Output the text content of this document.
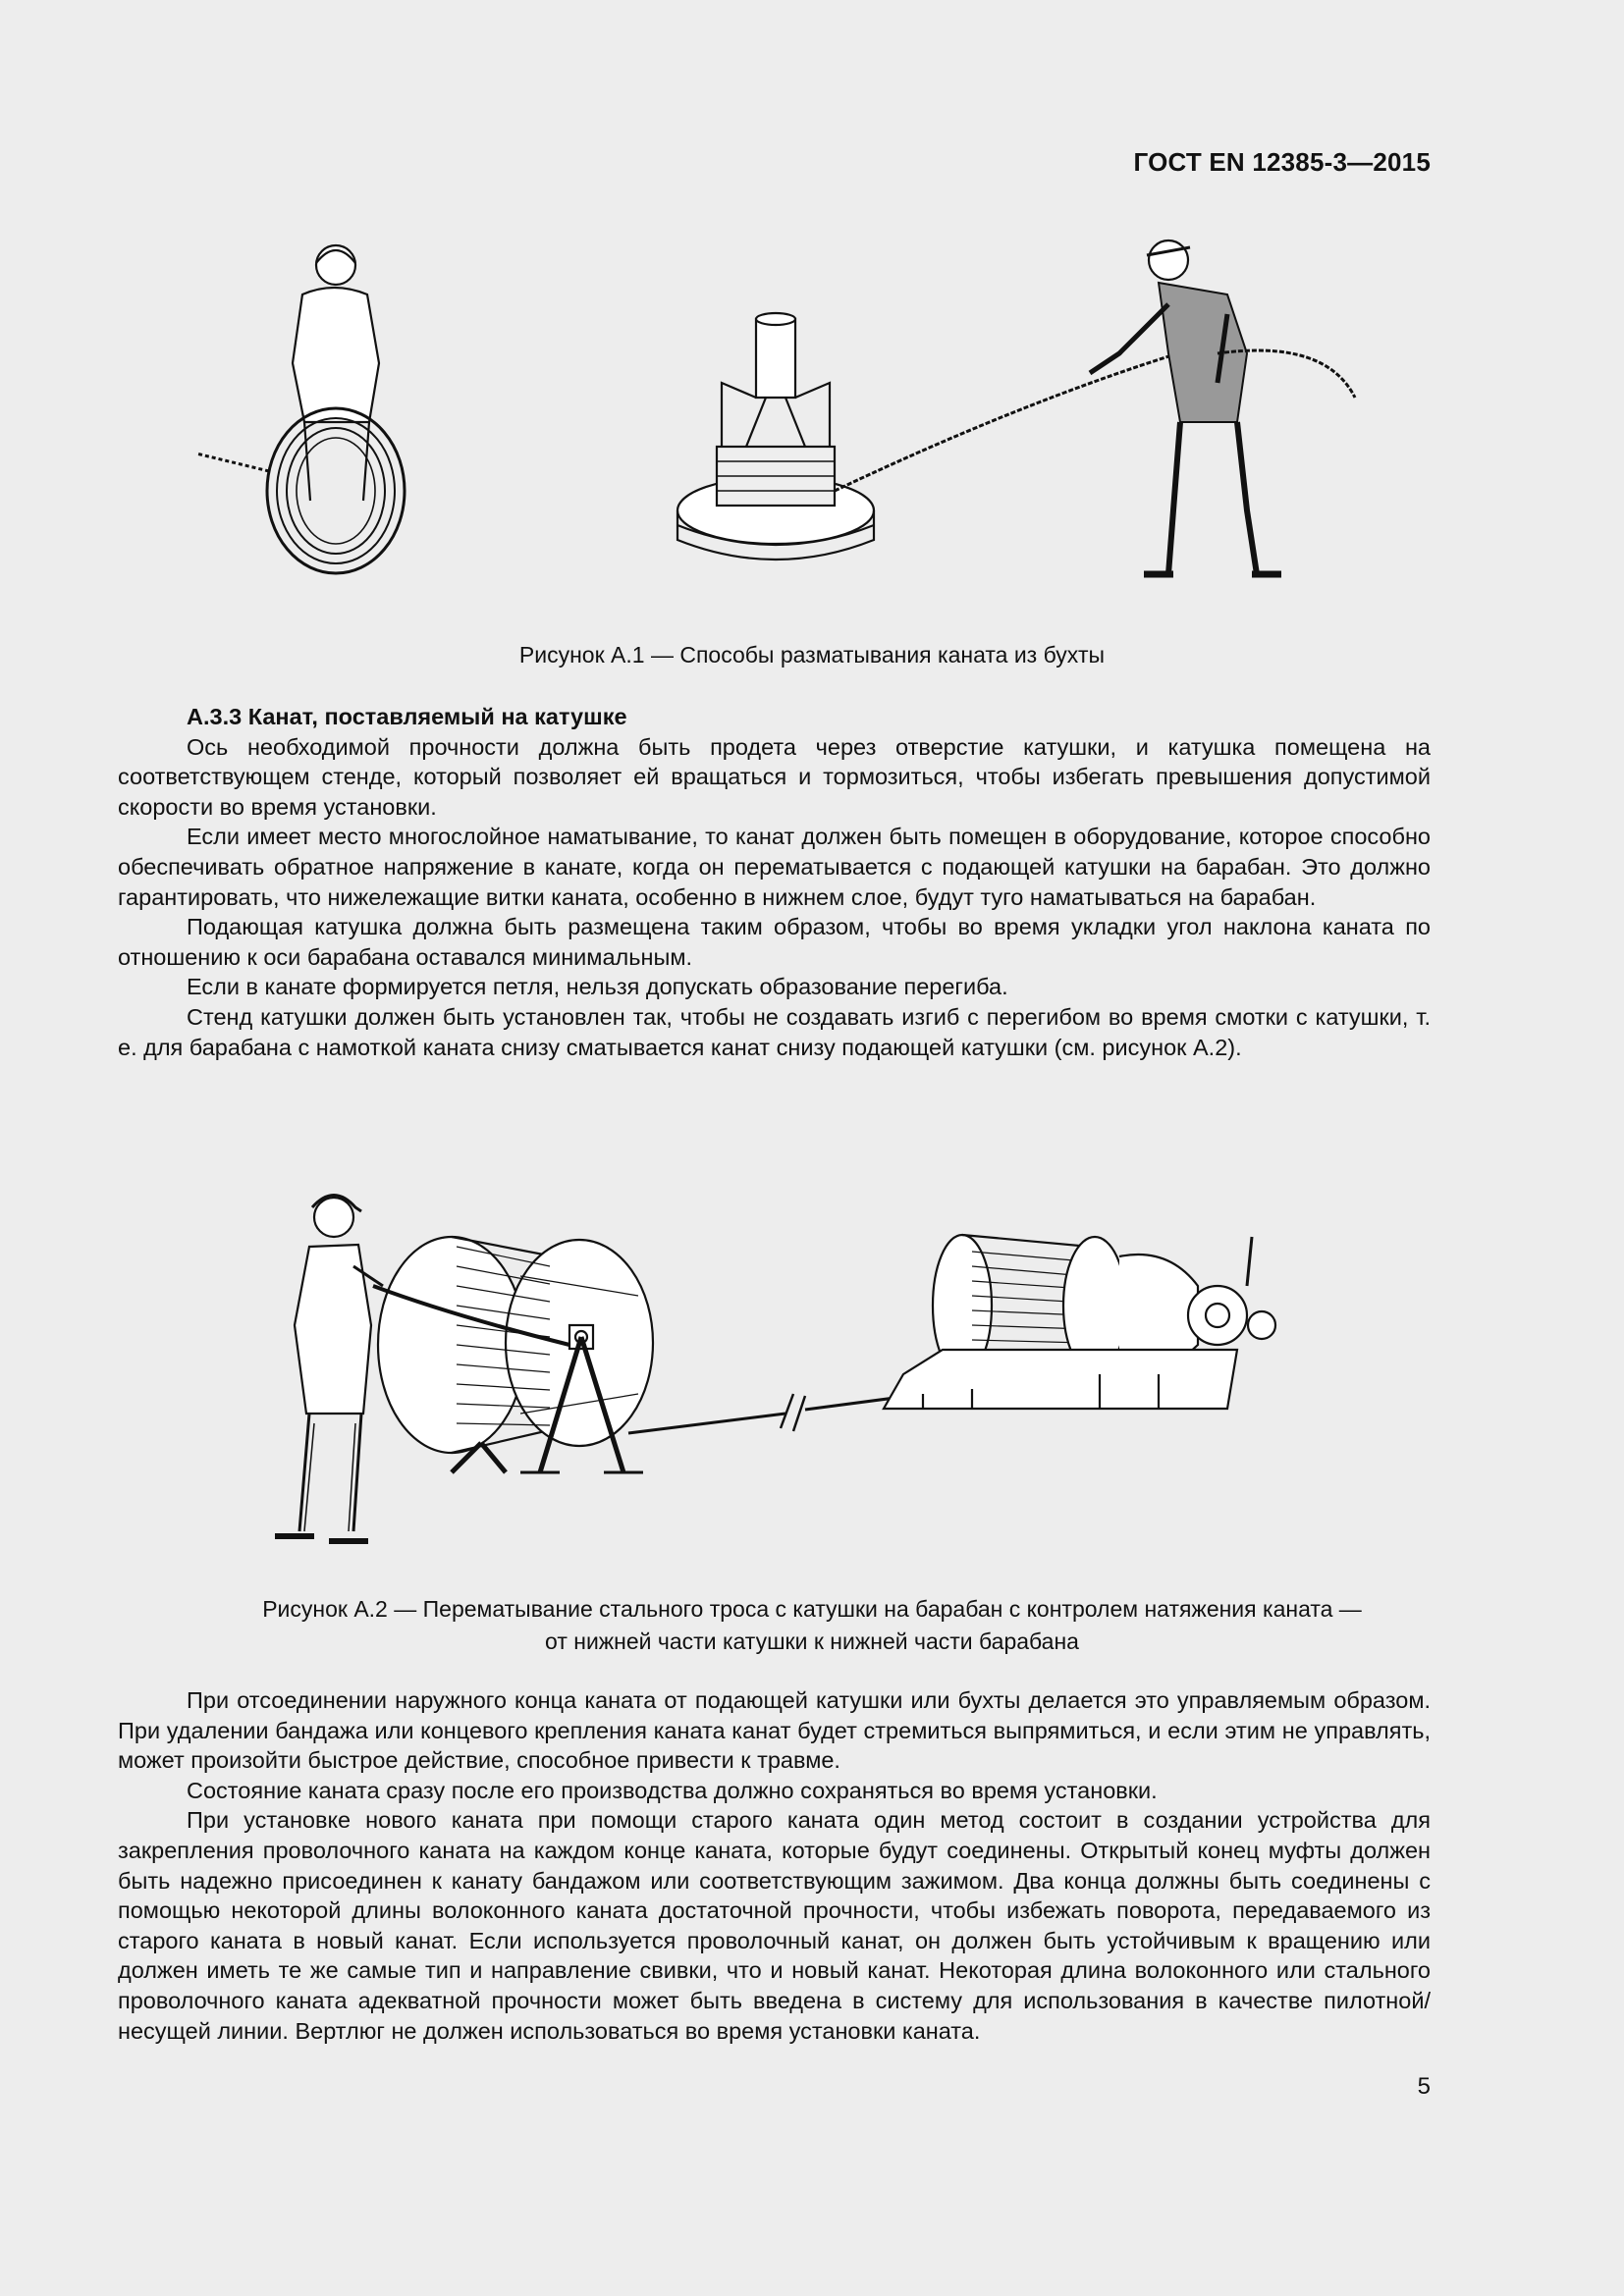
ГОСТ EN 12385-3—2015
Рисунок А.1 — Способы разматывания каната из бухты

А.3.3 Канат, поставляемый на катушке

Ось необходимой прочности должна быть продета через отверстие катушки, и катушка помещена на соответствующем стенде, который позволяет ей вращаться и тормозиться, чтобы избегать превышения допустимой скорости во время установки.

Если имеет место многослойное наматывание, то канат должен быть помещен в оборудование, которое способно обеспечивать обратное напряжение в канате, когда он перематывается с подающей катушки на барабан. Это должно гарантировать, что нижележащие витки каната, особенно в нижнем слое, будут туго наматываться на барабан.

Подающая катушка должна быть размещена таким образом, чтобы во время укладки угол наклона каната по отношению к оси барабана оставался минимальным.

Если в канате формируется петля, нельзя допускать образование перегиба.

Стенд катушки должен быть установлен так, чтобы не создавать изгиб с перегибом во время смотки с катушки, т. е. для барабана с намоткой каната снизу сматывается канат снизу подающей катушки (см. рисунок А.2).

Рисунок А.2 — Перематывание стального троса с катушки на барабан с контролем натяжения каната —
от нижней части катушки к нижней части барабана

При отсоединении наружного конца каната от подающей катушки или бухты делается это управляемым образом. При удалении бандажа или концевого крепления каната канат будет стремиться выпрямиться, и если этим не управлять, может произойти быстрое действие, способное привести к травме.

Состояние каната сразу после его производства должно сохраняться во время установки.

При установке нового каната при помощи старого каната один метод состоит в создании устройства для закрепления проволочного каната на каждом конце каната, которые будут соединены. Открытый конец муфты должен быть надежно присоединен к канату бандажом или соответствующим зажимом. Два конца должны быть соединены с помощью некоторой длины волоконного каната достаточной прочности, чтобы избежать поворота, передаваемого из старого каната в новый канат. Если используется проволочный канат, он должен быть устойчивым к вращению или должен иметь те же самые тип и направление свивки, что и новый канат. Некоторая длина волоконного или стального проволочного каната адекватной прочности может быть введена в систему для использования в качестве пилотной/несущей линии. Вертлюг не должен использоваться во время установки каната.

5
